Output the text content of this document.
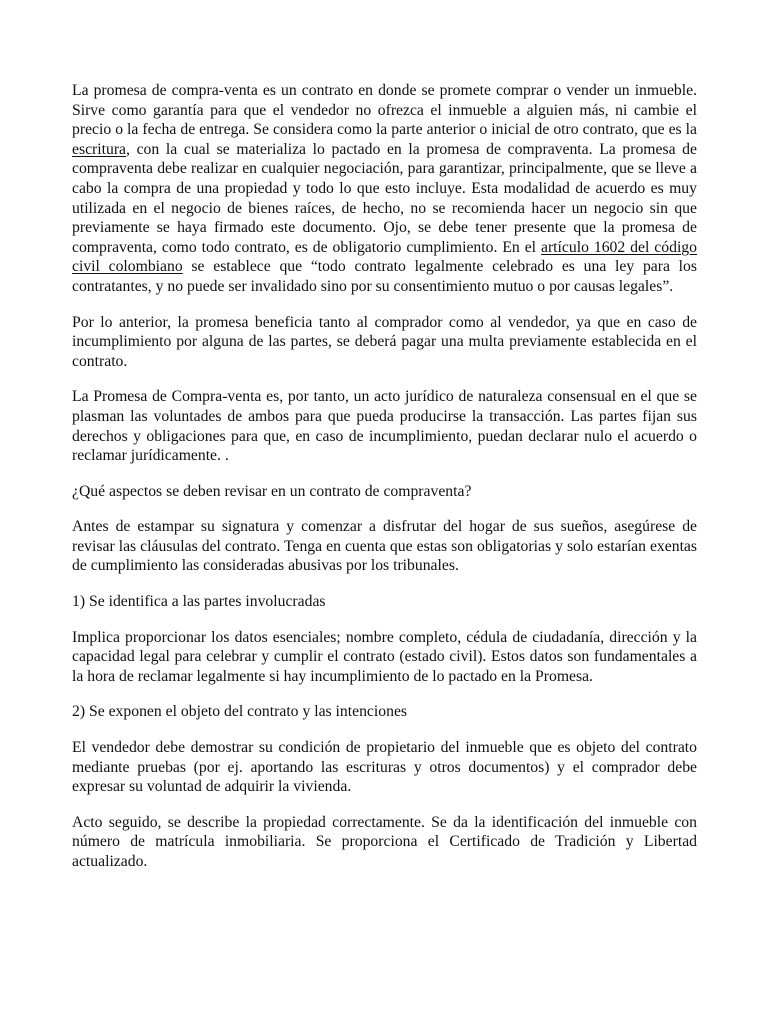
La promesa de compra-venta es un contrato en donde se promete comprar o vender un inmueble. Sirve como garantía para que el vendedor no ofrezca el inmueble a alguien más, ni cambie el precio o la fecha de entrega. Se considera como la parte anterior o inicial de otro contrato, que es la escritura, con la cual se materializa lo pactado en la promesa de compraventa. La promesa de compraventa debe realizar en cualquier negociación, para garantizar, principalmente, que se lleve a cabo la compra de una propiedad y todo lo que esto incluye. Esta modalidad de acuerdo es muy utilizada en el negocio de bienes raíces, de hecho, no se recomienda hacer un negocio sin que previamente se haya firmado este documento. Ojo, se debe tener presente que la promesa de compraventa, como todo contrato, es de obligatorio cumplimiento. En el artículo 1602 del código civil colombiano se establece que “todo contrato legalmente celebrado es una ley para los contratantes, y no puede ser invalidado sino por su consentimiento mutuo o por causas legales”.

Por lo anterior, la promesa beneficia tanto al comprador como al vendedor, ya que en caso de incumplimiento por alguna de las partes, se deberá pagar una multa previamente establecida en el contrato.

La Promesa de Compra-venta es, por tanto, un acto jurídico de naturaleza consensual en el que se plasman las voluntades de ambos para que pueda producirse la transacción. Las partes fijan sus derechos y obligaciones para que, en caso de incumplimiento, puedan declarar nulo el acuerdo o reclamar jurídicamente. .

¿Qué aspectos se deben revisar en un contrato de compraventa?

Antes de estampar su signatura y comenzar a disfrutar del hogar de sus sueños, asegúrese de revisar las cláusulas del contrato. Tenga en cuenta que estas son obligatorias y solo estarían exentas de cumplimiento las consideradas abusivas por los tribunales.

1) Se identifica a las partes involucradas

Implica proporcionar los datos esenciales; nombre completo, cédula de ciudadanía, dirección y la capacidad legal para celebrar y cumplir el contrato (estado civil). Estos datos son fundamentales a la hora de reclamar legalmente si hay incumplimiento de lo pactado en la Promesa.

2) Se exponen el objeto del contrato y las intenciones

El vendedor debe demostrar su condición de propietario del inmueble que es objeto del contrato mediante pruebas (por ej. aportando las escrituras y otros documentos) y el comprador debe expresar su voluntad de adquirir la vivienda.

Acto seguido, se describe la propiedad correctamente. Se da la identificación del inmueble con número de matrícula inmobiliaria. Se proporciona el Certificado de Tradición y Libertad actualizado.
